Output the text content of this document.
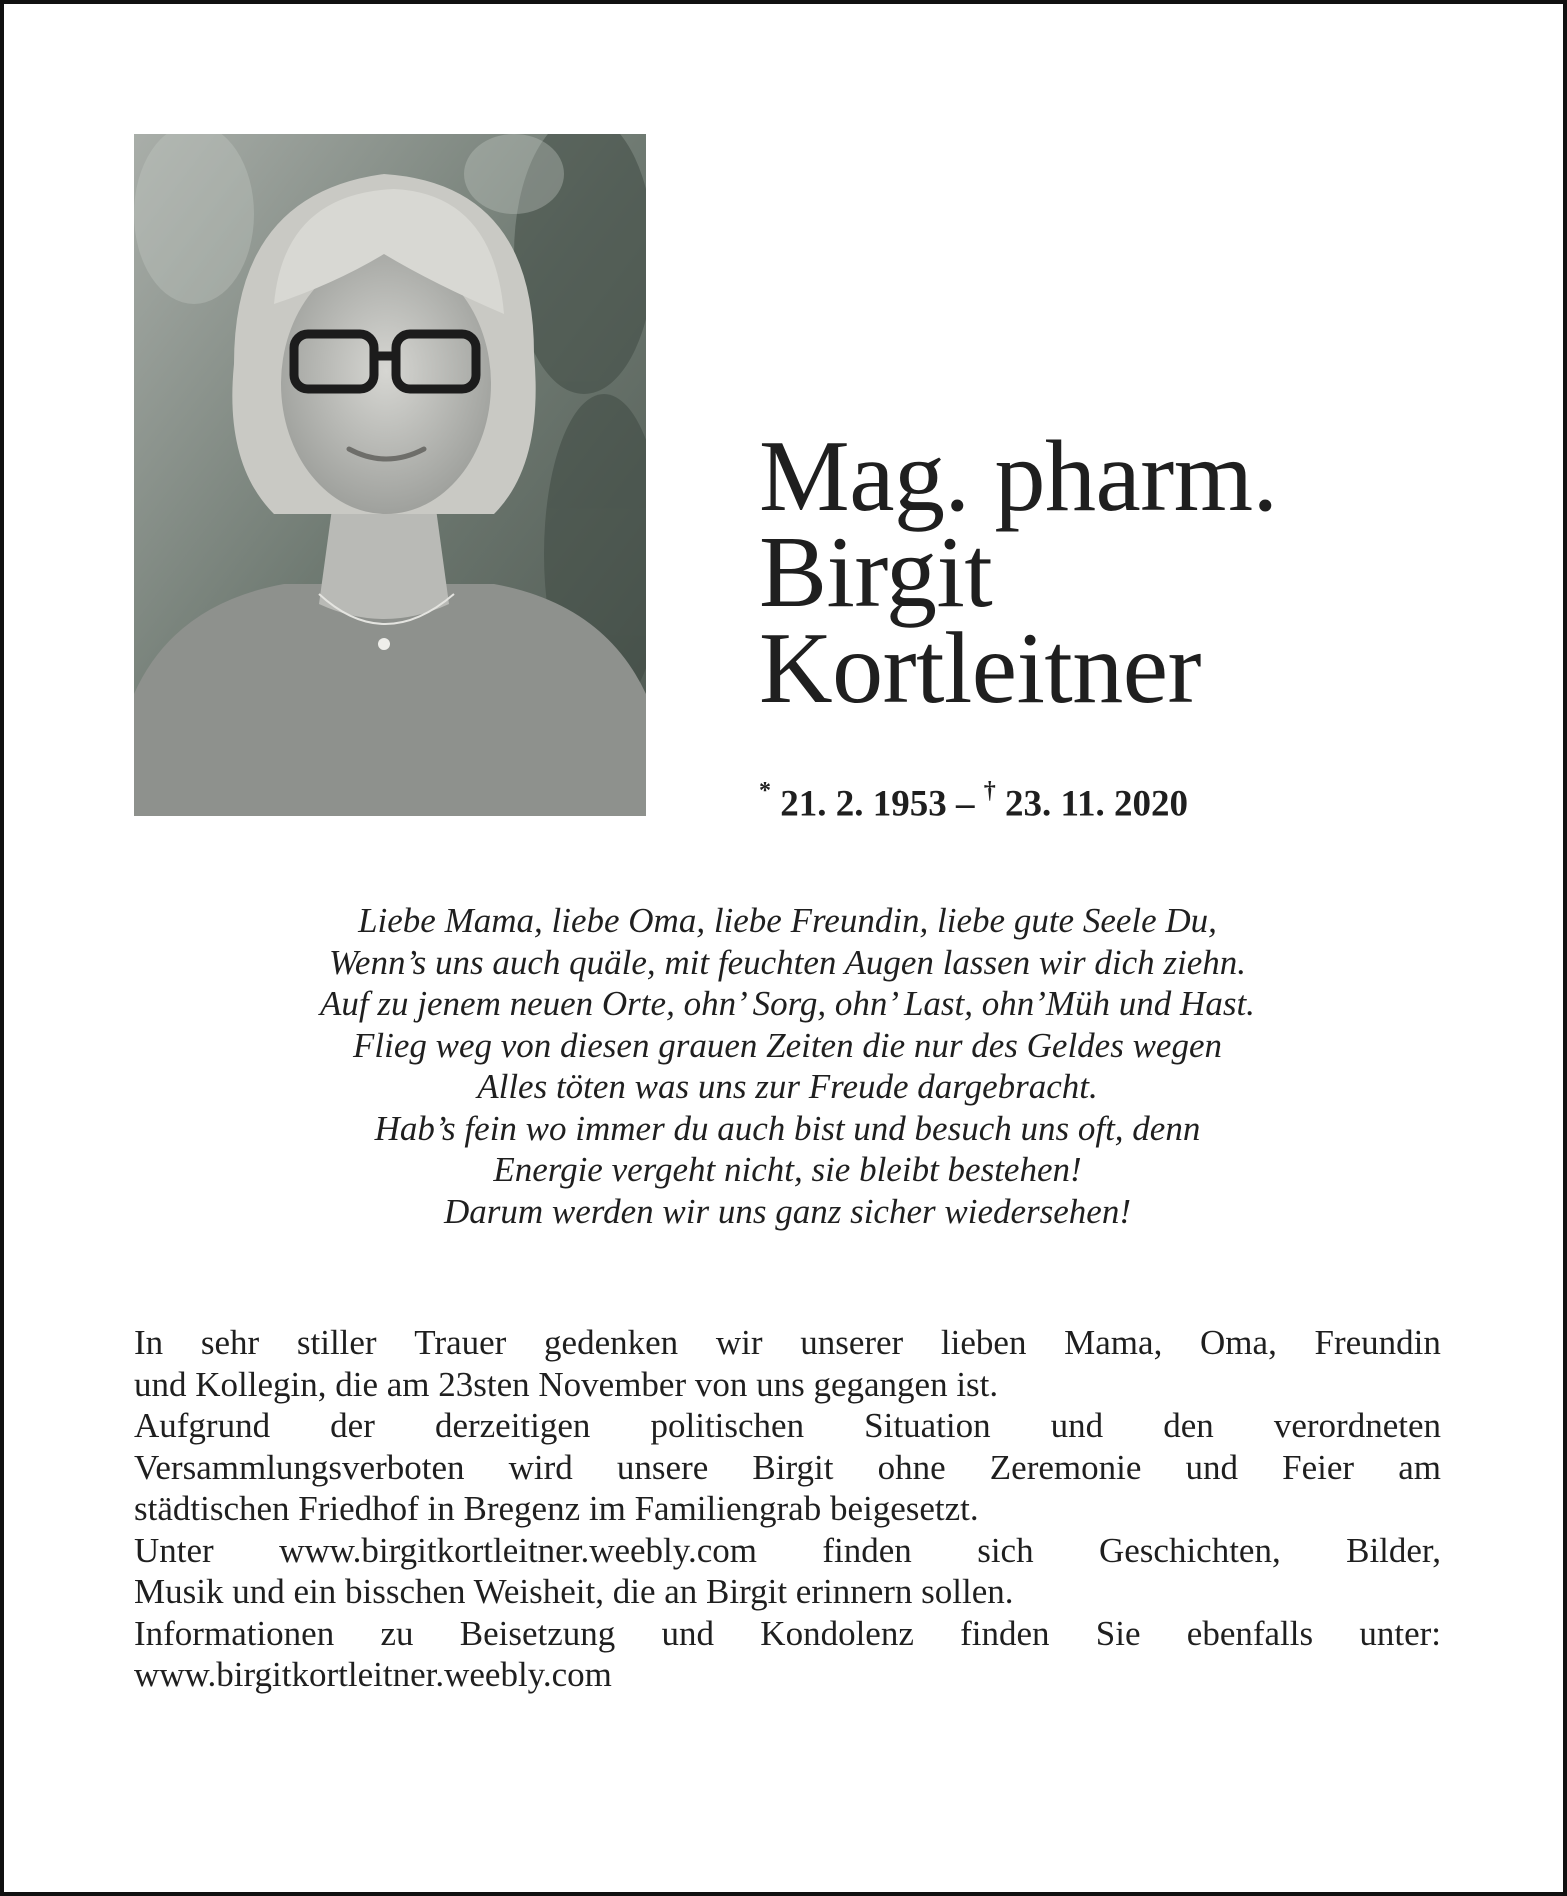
Mag. pharm.
Birgit
Kortleitner
* 21. 2. 1953 – † 23. 11. 2020
Liebe Mama, liebe Oma, liebe Freundin, liebe gute Seele Du,
Wenn’s uns auch quäle, mit feuchten Augen lassen wir dich ziehn.
Auf zu jenem neuen Orte, ohn’ Sorg, ohn’ Last, ohn’Müh und Hast.
Flieg weg von diesen grauen Zeiten die nur des Geldes wegen
Alles töten was uns zur Freude dargebracht.
Hab’s fein wo immer du auch bist und besuch uns oft, denn
Energie vergeht nicht, sie bleibt bestehen!
Darum werden wir uns ganz sicher wiedersehen!
In sehr stiller Trauer gedenken wir unserer lieben Mama, Oma, Freundin
und Kollegin, die am 23sten November von uns gegangen ist.
Aufgrund der derzeitigen politischen Situation und den verordneten
Versammlungsverboten wird unsere Birgit ohne Zeremonie und Feier am
städtischen Friedhof in Bregenz im Familiengrab beigesetzt.
Unter www.birgitkortleitner.weebly.com finden sich Geschichten, Bilder,
Musik und ein bisschen Weisheit, die an Birgit erinnern sollen.
Informationen zu Beisetzung und Kondolenz finden Sie ebenfalls unter:
www.birgitkortleitner.weebly.com
